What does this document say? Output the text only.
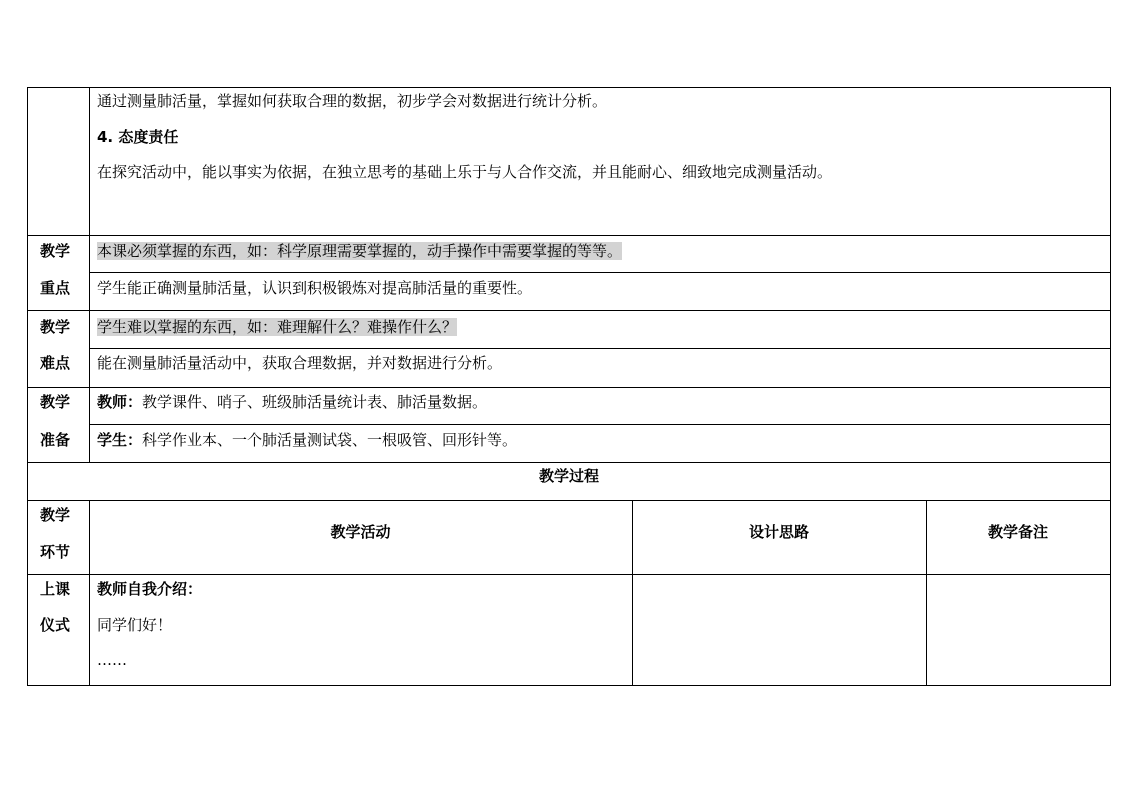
通过测量肺活量，掌握如何获取合理的数据，初步学会对数据进行统计分析。
4. 态度责任
在探究活动中，能以事实为依据，在独立思考的基础上乐于与人合作交流，并且能耐心、细致地完成测量活动。
教学
重点
本课必须掌握的东西，如：科学原理需要掌握的，动手操作中需要掌握的等等。
学生能正确测量肺活量，认识到积极锻炼对提高肺活量的重要性。
教学
难点
学生难以掌握的东西，如：难理解什么？难操作什么？
能在测量肺活量活动中，获取合理数据，并对数据进行分析。
教学
准备
教师：教学课件、哨子、班级肺活量统计表、肺活量数据。
学生：科学作业本、一个肺活量测试袋、一根吸管、回形针等。
教学过程
教学
环节
教学活动	设计思路	教学备注
上课
仪式
教师自我介绍：
同学们好！
……
